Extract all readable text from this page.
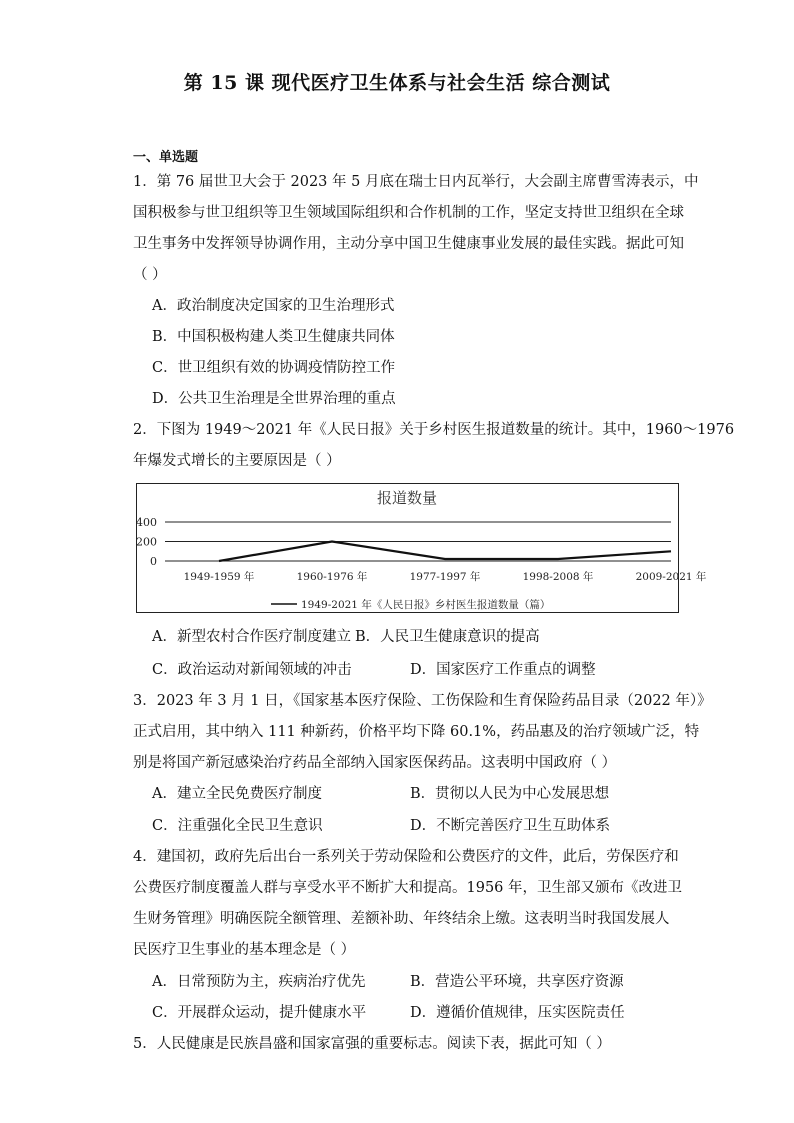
第 15 课 现代医疗卫生体系与社会生活 综合测试
一、单选题
1．第 76 届世卫大会于 2023 年 5 月底在瑞士日内瓦举行，大会副主席曹雪涛表示，中
国积极参与世卫组织等卫生领域国际组织和合作机制的工作，坚定支持世卫组织在全球
卫生事务中发挥领导协调作用，主动分享中国卫生健康事业发展的最佳实践。据此可知
（ ）
A．政治制度决定国家的卫生治理形式
B．中国积极构建人类卫生健康共同体
C．世卫组织有效的协调疫情防控工作
D．公共卫生治理是全世界治理的重点
2．下图为 1949～2021 年《人民日报》关于乡村医生报道数量的统计。其中，1960～1976
年爆发式增长的主要原因是（ ）
报道数量
0
200
400
1949-1959 年	1960-1976 年	1977-1997 年	1998-2008 年	2009-2021 年
1949-2021 年《人民日报》乡村医生报道数量（篇）
A．新型农村合作医疗制度建立 B．人民卫生健康意识的提高
C．政治运动对新闻领域的冲击	D．国家医疗工作重点的调整
3．2023 年 3 月 1 日，《国家基本医疗保险、工伤保险和生育保险药品目录（2022 年）》
正式启用，其中纳入 111 种新药，价格平均下降 60.1%，药品惠及的治疗领域广泛，特
别是将国产新冠感染治疗药品全部纳入国家医保药品。这表明中国政府（ ）
A．建立全民免费医疗制度	B．贯彻以人民为中心发展思想
C．注重强化全民卫生意识	D．不断完善医疗卫生互助体系
4．建国初，政府先后出台一系列关于劳动保险和公费医疗的文件，此后，劳保医疗和
公费医疗制度覆盖人群与享受水平不断扩大和提高。1956 年，卫生部又颁布《改进卫
生财务管理》明确医院全额管理、差额补助、年终结余上缴。这表明当时我国发展人
民医疗卫生事业的基本理念是（ ）
A．日常预防为主，疾病治疗优先	B．营造公平环境，共享医疗资源
C．开展群众运动，提升健康水平	D．遵循价值规律，压实医院责任
5．人民健康是民族昌盛和国家富强的重要标志。阅读下表，据此可知（ ）
